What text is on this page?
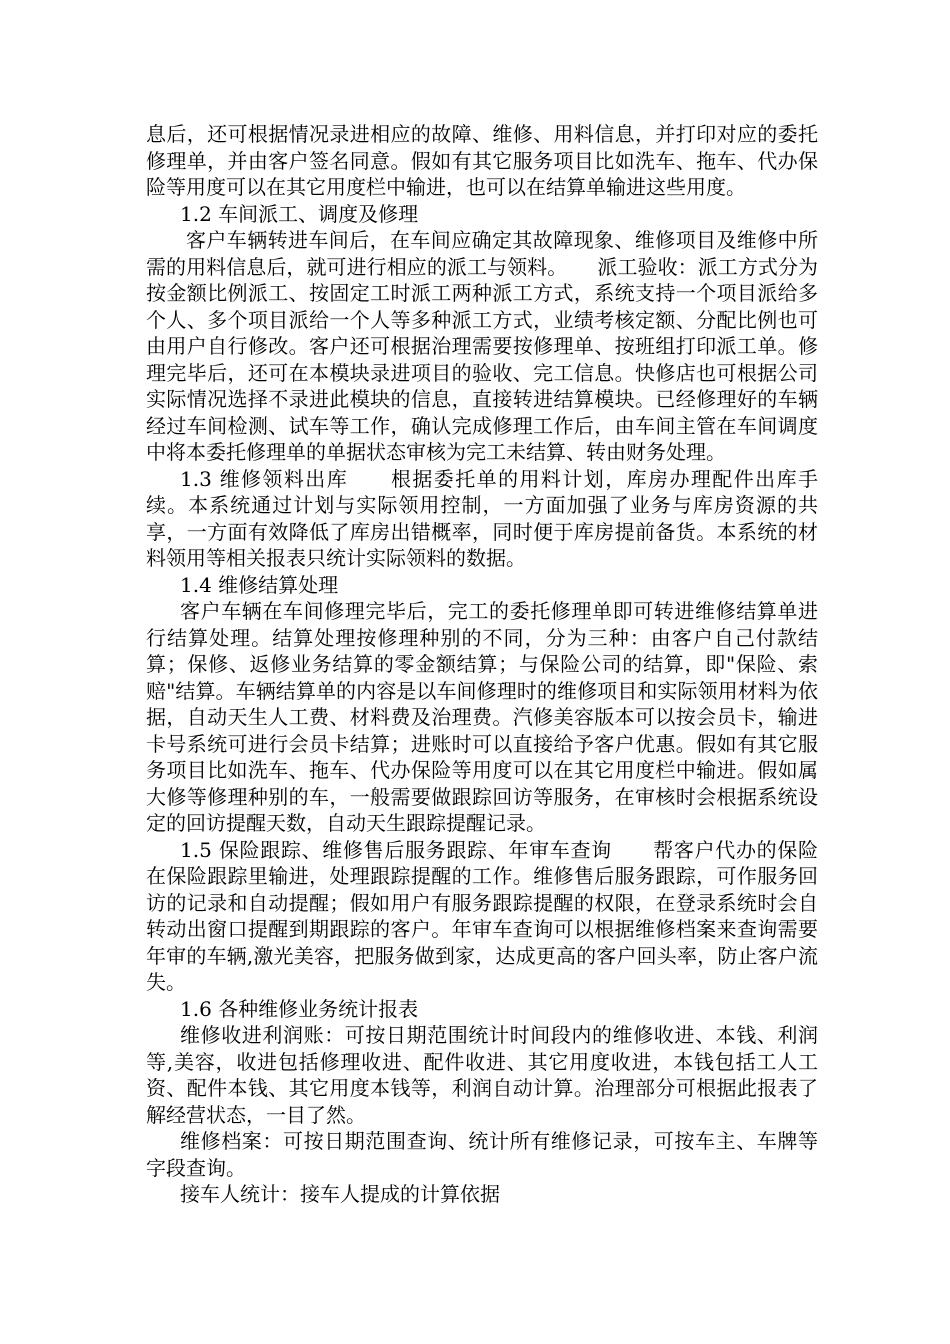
息后，还可根据情况录进相应的故障、维修、用料信息，并打印对应的委托修理单，并由客户签名同意。假如有其它服务项目比如洗车、拖车、代办保险等用度可以在其它用度栏中输进，也可以在结算单输进这些用度。

1.2 车间派工、调度及修理

客户车辆转进车间后，在车间应确定其故障现象、维修项目及维修中所需的用料信息后，就可进行相应的派工与领料。　　派工验收：派工方式分为按金额比例派工、按固定工时派工两种派工方式，系统支持一个项目派给多个人、多个项目派给一个人等多种派工方式，业绩考核定额、分配比例也可由用户自行修改。客户还可根据治理需要按修理单、按班组打印派工单。修理完毕后，还可在本模块录进项目的验收、完工信息。快修店也可根据公司实际情况选择不录进此模块的信息，直接转进结算模块。已经修理好的车辆经过车间检测、试车等工作，确认完成修理工作后，由车间主管在车间调度中将本委托修理单的单据状态审核为完工未结算、转由财务处理。

1.3 维修领料出库　　根据委托单的用料计划，库房办理配件出库手续。本系统通过计划与实际领用控制，一方面加强了业务与库房资源的共享，一方面有效降低了库房出错概率，同时便于库房提前备货。本系统的材料领用等相关报表只统计实际领料的数据。

1.4 维修结算处理

客户车辆在车间修理完毕后，完工的委托修理单即可转进维修结算单进行结算处理。结算处理按修理种别的不同，分为三种：由客户自己付款结算；保修、返修业务结算的零金额结算；与保险公司的结算，即"保险、索赔"结算。车辆结算单的内容是以车间修理时的维修项目和实际领用材料为依据，自动天生人工费、材料费及治理费。汽修美容版本可以按会员卡，输进卡号系统可进行会员卡结算；进账时可以直接给予客户优惠。假如有其它服务项目比如洗车、拖车、代办保险等用度可以在其它用度栏中输进。假如属大修等修理种别的车，一般需要做跟踪回访等服务，在审核时会根据系统设定的回访提醒天数，自动天生跟踪提醒记录。

1.5 保险跟踪、维修售后服务跟踪、年审车查询　　帮客户代办的保险在保险跟踪里输进，处理跟踪提醒的工作。维修售后服务跟踪，可作服务回访的记录和自动提醒；假如用户有服务跟踪提醒的权限，在登录系统时会自转动出窗口提醒到期跟踪的客户。年审车查询可以根据维修档案来查询需要年审的车辆,激光美容，把服务做到家，达成更高的客户回头率，防止客户流失。

1.6 各种维修业务统计报表

维修收进利润账：可按日期范围统计时间段内的维修收进、本钱、利润等,美容，收进包括修理收进、配件收进、其它用度收进，本钱包括工人工资、配件本钱、其它用度本钱等，利润自动计算。治理部分可根据此报表了解经营状态，一目了然。

维修档案：可按日期范围查询、统计所有维修记录，可按车主、车牌等字段查询。

接车人统计：接车人提成的计算依据
